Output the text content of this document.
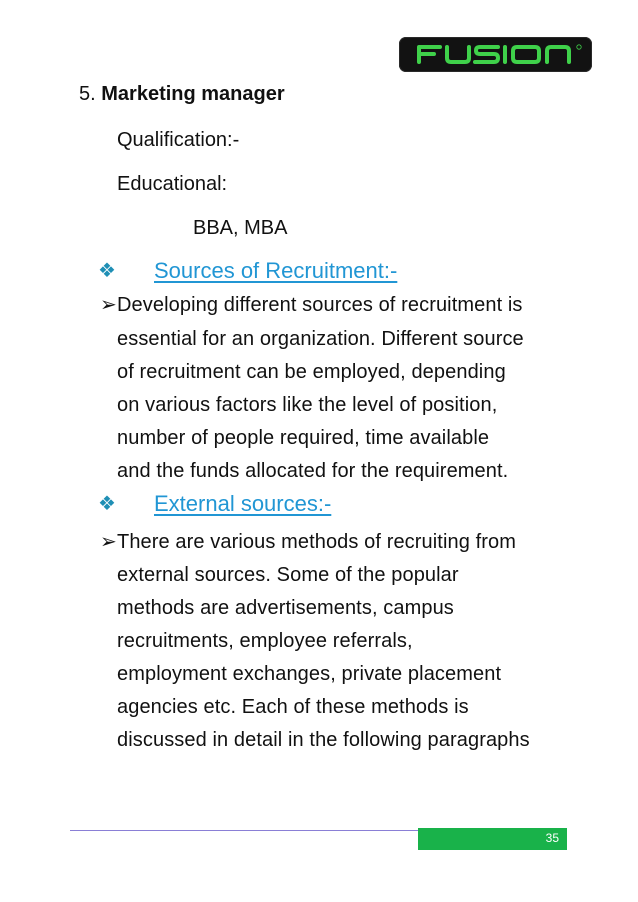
5. Marketing manager
Qualification:-
Educational:
BBA, MBA
❖ Sources of Recruitment:-
➢ Developing different sources of recruitment is
essential for an organization. Different source
of recruitment can be employed, depending
on various factors like the level of position,
number of people required, time available
and the funds allocated for the requirement.
❖ External sources:-
➢ There are various methods of recruiting from
external sources. Some of the popular
methods are advertisements, campus
recruitments, employee referrals,
employment exchanges, private placement
agencies etc. Each of these methods is
discussed in detail in the following paragraphs
35
